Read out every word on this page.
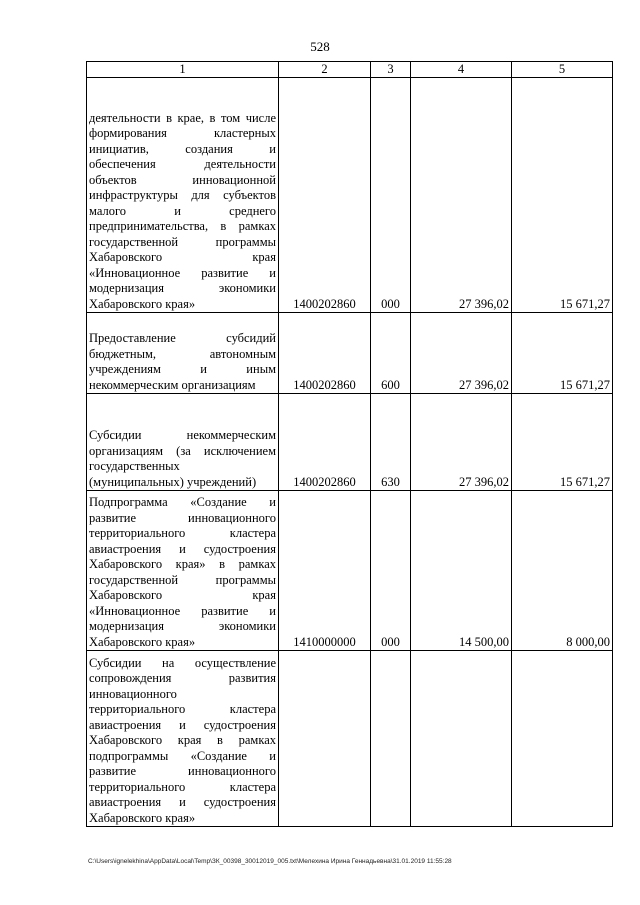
528
1	2	3	4	5
деятельности в крае, в том числе формирования кластерных инициатив, создания и обеспечения деятельности объектов инновационной инфраструктуры для субъектов малого и среднего предпринимательства, в рамках государственной программы Хабаровского края «Инновационное развитие и модернизация экономики Хабаровского края»	1400202860	000	27 396,02	15 671,27
Предоставление субсидий бюджетным, автономным учреждениям и иным некоммерческим организациям	1400202860	600	27 396,02	15 671,27
Субсидии некоммерческим организациям (за исключением государственных (муниципальных) учреждений)	1400202860	630	27 396,02	15 671,27
Подпрограмма «Создание и развитие инновационного территориального кластера авиастроения и судостроения Хабаровского края» в рамках государственной программы Хабаровского края «Инновационное развитие и модернизация экономики Хабаровского края»	1410000000	000	14 500,00	8 000,00
Субсидии на осуществление сопровождения развития инновационного территориального кластера авиастроения и судостроения Хабаровского края в рамках подпрограммы «Создание и развитие инновационного территориального кластера авиастроения и судостроения Хабаровского края»				
C:\Users\ignelekhina\AppData\Local\Temp\ЗК_00398_30012019_005.txt\Мелехина Ирина Геннадьевна\31.01.2019 11:55:28
